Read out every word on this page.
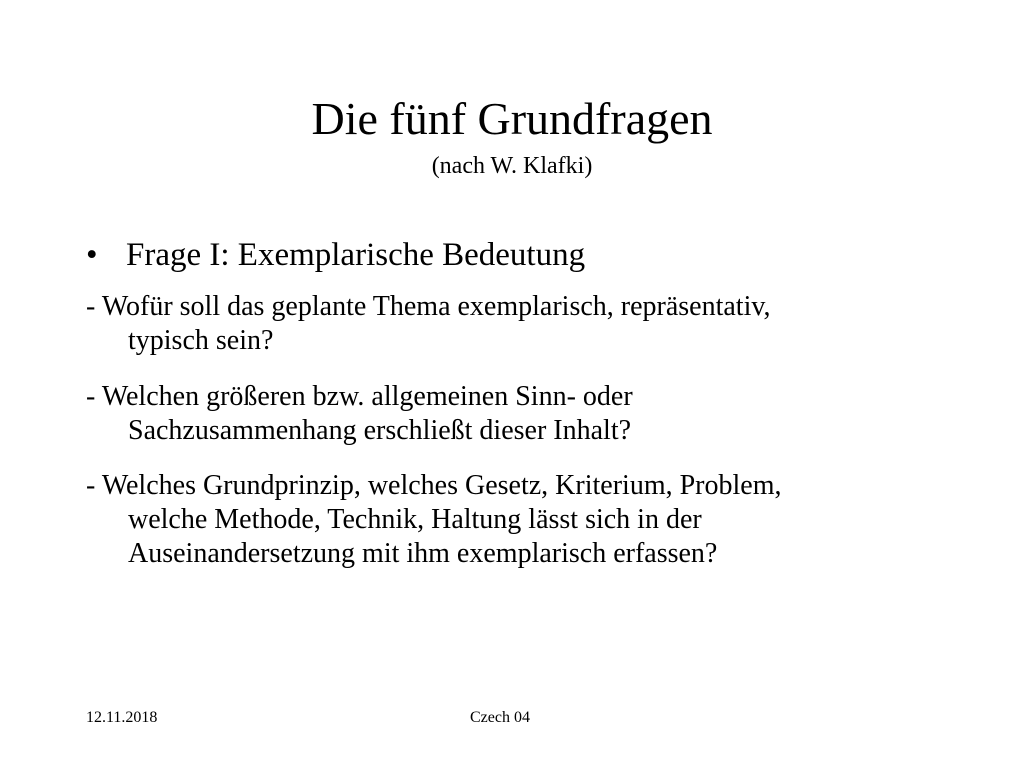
Die fünf Grundfragen
(nach W. Klafki)
• Frage I: Exemplarische Bedeutung
- Wofür soll das geplante Thema exemplarisch, repräsentativ,
typisch sein?
- Welchen größeren bzw. allgemeinen Sinn- oder
Sachzusammenhang erschließt dieser Inhalt?
- Welches Grundprinzip, welches Gesetz, Kriterium, Problem,
welche Methode, Technik, Haltung lässt sich in der
Auseinandersetzung mit ihm exemplarisch erfassen?
12.11.2018	Czech 04
